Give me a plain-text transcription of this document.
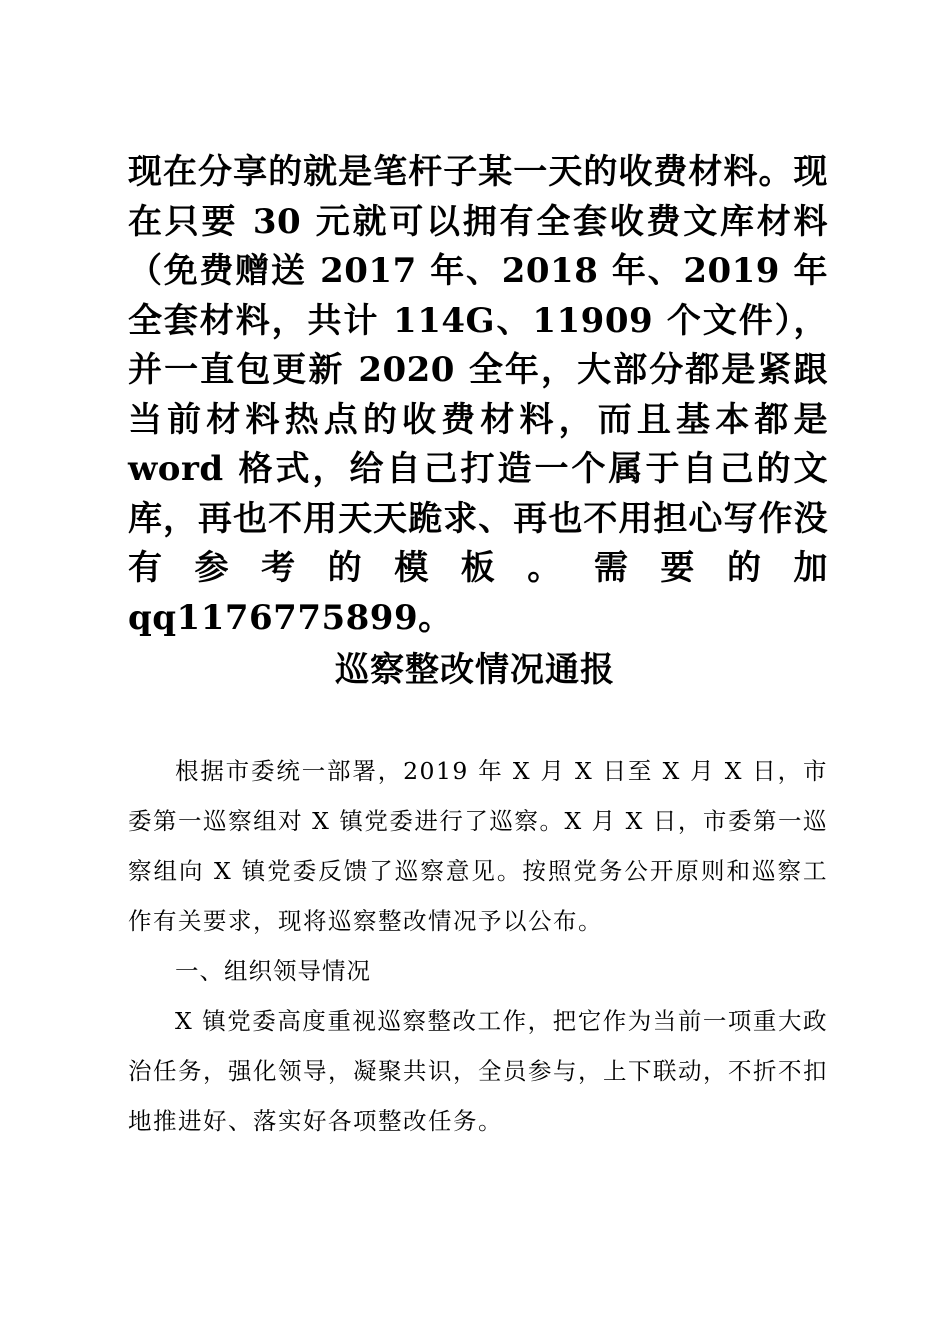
现在分享的就是笔杆子某一天的收费材料。现在只要 30 元就可以拥有全套收费文库材料（免费赠送 2017 年、2018 年、2019 年全套材料，共计 114G、11909 个文件），并一直包更新 2020 全年，大部分都是紧跟当前材料热点的收费材料，而且基本都是 word 格式，给自己打造一个属于自己的文库，再也不用天天跪求、再也不用担心写作没有参考的模板。需要的加 qq1176775899。
巡察整改情况通报
根据市委统一部署，2019 年 X 月 X 日至 X 月 X 日，市委第一巡察组对 X 镇党委进行了巡察。X 月 X 日，市委第一巡察组向 X 镇党委反馈了巡察意见。按照党务公开原则和巡察工作有关要求，现将巡察整改情况予以公布。
一、组织领导情况
X 镇党委高度重视巡察整改工作，把它作为当前一项重大政治任务，强化领导，凝聚共识，全员参与，上下联动，不折不扣地推进好、落实好各项整改任务。
